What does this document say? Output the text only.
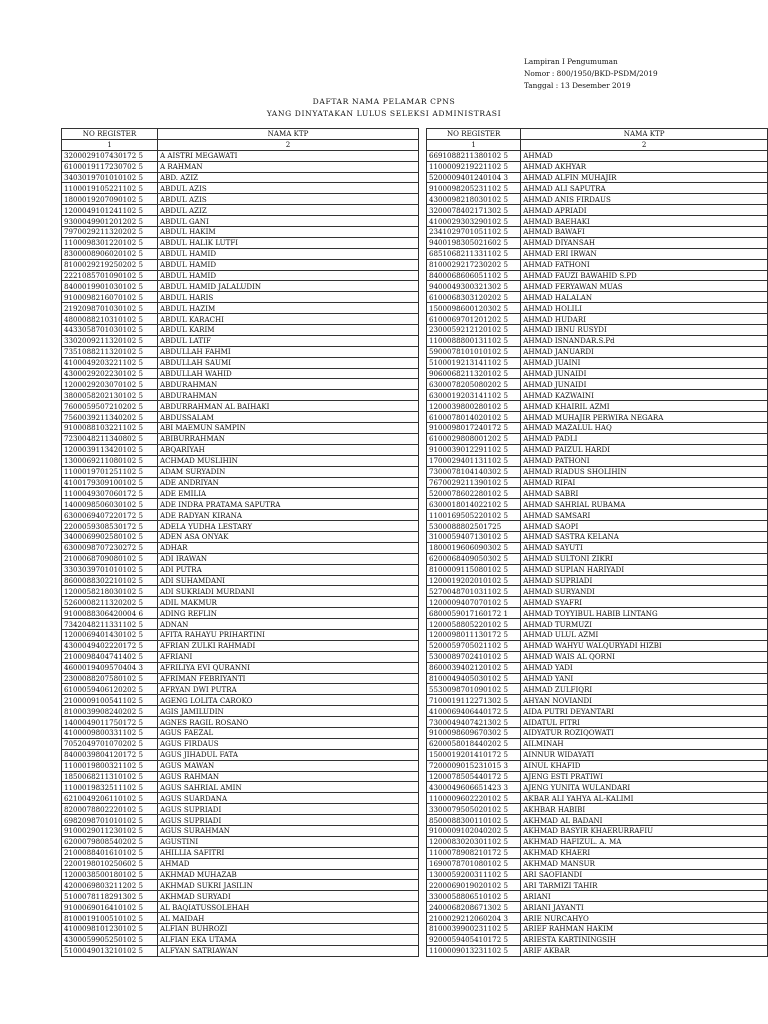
Lampiran I Pengumuman
Nomor : 800/1950/BKD-PSDM/2019
Tanggal : 13 Desember 2019
DAFTAR NAMA PELAMAR CPNS
YANG DINYATAKAN LULUS SELEKSI ADMINISTRASI
NO REGISTER	NAMA KTP
1	2
3200029107430172 5	A AISTRI MEGAWATI
6100019117230702 5	A RAHMAN
3403019701010102 5	ABD. AZIZ
1100019105221102 5	ABDUL AZIS
1800019207090102 5	ABDUL AZIS
1200049101241102 5	ABDUL AZIZ
9300049901201202 5	ABDUL GANI
7970029211320202 5	ABDUL HAKIM
1100098301220102 5	ABDUL HALIK LUTFI
8300008906020102 5	ABDUL HAMID
8100029219250202 5	ABDUL HAMID
2221085701090102 5	ABDUL HAMID
8400019901030102 5	ABDUL HAMID JALALUDIN
9100098216070102 5	ABDUL HARIS
2192098701030102 5	ABDUL HAZIM
4800088210310102 5	ABDUL KARACHI
4433058701030102 5	ABDUL KARIM
3302009211320102 5	ABDUL LATIF
7351088211320102 5	ABDULLAH FAHMI
4100049203221102 5	ABDULLAH SAUMI
4300029202230102 5	ABDULLAH WAHID
1200029203070102 5	ABDURAHMAN
3800058202130102 5	ABDURAHMAN
7600059507210202 5	ABDURRAHMAN AL BAIHAKI
7560039211340202 5	ABDUSSALAM
9100088103221102 5	ABI MAEMUN SAMPIN
7230048211340802 5	ABIBURRAHMAN
1200039113420102 5	ABQARIYAH
1300069211080102 5	ACHMAD MUSLIHIN
1100019701251102 5	ADAM SURYADIN
4100179309100102 5	ADE ANDRIYAN
1100049307060172 5	ADE EMILIA
1400098506030102 5	ADE INDRA PRATAMA SAPUTRA
6300069407220172 5	ADE RADYAN KIRANA
2200059308530172 5	ADELA YUDHA LESTARY
3400069902580102 5	ADEN ASA ONYAK
6300098707230272 5	ADHAR
2100068709080102 5	ADI IRAWAN
3303039701010102 5	ADI PUTRA
8600088302210102 5	ADI SUHAMDANI
1200058218030102 5	ADI SUKRIADI MURDANI
5260008211320202 5	ADIL MAKMUR
9100088306420004 6	ADING REFLIN
7342048211331102 5	ADNAN
1200069401430102 5	AFITA RAHAYU PRIHARTINI
4300049402220172 5	AFRIAN ZULKI RAHMADI
2100098404741402 5	AFRIANI
4600019409570404 3	AFRILIYA EVI QURANNI
2300088207580102 5	AFRIMAN FEBRIYANTI
6100059406120202 5	AFRYAN DWI PUTRA
2100009100541102 5	AGENG LOLITA CAROKO
8100039908240202 5	AGIS JAMILUDIN
1400049011750172 5	AGNES RAGIL ROSANO
4100009800331102 5	AGUS FAEZAL
7052049701070202 5	AGUS FIRDAUS
8400039804120172 5	AGUS JIHADUL FATA
1100019800321102 5	AGUS MAWAN
1850068211310102 5	AGUS RAHMAN
1100019832511102 5	AGUS SAHRIAL AMIN
6210049206110102 5	AGUS SUARDANA
8200078802220102 5	AGUS SUPRIADI
6982098701010102 5	AGUS SUPRIADI
9100029011230102 5	AGUS SURAHMAN
6200079808540202 5	AGUSTINI
2100088401610102 5	AHILLIA SAFITRI
2200198010250602 5	AHMAD
1200038500180102 5	AKHMAD MUHAZAB
4200069803211202 5	AKHMAD SUKRI JASILIN
5100078118291302 5	AKHMAD SURYADI
9100069016410102 5	AL BAQIATUSSOLEHAH
8100019100510102 5	AL MAIDAH
4100098101230102 5	ALFIAN BUHROZI
4300059905250102 5	ALFIAN EKA UTAMA
5100049013210102 5	ALFYAN SATRIAWAN
NO REGISTER	NAMA KTP
1	2
6691088211380102 5	AHMAD
1100009219221102 5	AHMAD AKHYAR
5200009401240104 3	AHMAD ALFIN MUHAJIR
9100098205231102 5	AHMAD ALI SAPUTRA
4300098218030102 5	AHMAD ANIS FIRDAUS
3200078402171302 5	AHMAD APRIADI
4100029303290102 5	AHMAD BAEHAKI
2341029701051102 5	AHMAD BAWAFI
9400198305021602 5	AHMAD DIYANSAH
6851068211331102 5	AHMAD ERI IRWAN
8100029217230202 5	AHMAD FATHONI
8400068606051102 5	AHMAD FAUZI BAWAHID S.PD
9400049300321302 5	AHMAD FERYAWAN MUAS
6100068303120202 5	AHMAD HALALAN
1500098600120302 5	AHMAD HOLILI
6100069701201202 5	AHMAD HUDARI
2300059212120102 5	AHMAD IBNU RUSYDI
1100088800131102 5	AHMAD ISNANDAR.S.Pd
5900078101010102 5	AHMAD JANUARDI
5100019213141102 5	AHMAD JUAINI
9060068211320102 5	AHMAD JUNAIDI
6300078205080202 5	AHMAD JUNAIDI
6300019203141102 5	AHMAD KAZWAINI
1200039800280102 5	AHMAD KHAIRIL AZMI
6100078014020102 5	AHMAD MUHAJIR PERWIRA NEGARA
9100098017240172 5	AHMAD MAZALUL HAQ
6100029808001202 5	AHMAD PADLI
9100039012291102 5	AHMAD PAIZUL HARDI
1700029401131102 5	AHMAD PATHONI
7300078104140302 5	AHMAD RIADUS SHOLIHIN
7670029211390102 5	AHMAD RIFAI
5200078602280102 5	AHMAD SABRI
6300018014022102 5	AHMAD SAHRIAL RUBAMA
1100169505220102 5	AHMAD SAMSARI
5300088802501725	AHMAD SAOPI
3100059407130102 5	AHMAD SASTRA KELANA
1800019606090302 5	AHMAD SAYUTI
6200068409050302 5	AHMAD SULTONI ZIKRI
8100009115080102 5	AHMAD SUPIAN HARIYADI
1200019202010102 5	AHMAD SUPRIADI
5270048701031102 5	AHMAD SURYANDI
1200009407070102 5	AHMAD SYAFRI
6800059017160172 1	AHMAD TOYYIBUL HABIB LINTANG
1200058805220102 5	AHMAD TURMUZI
1200098011130172 5	AHMAD ULUL AZMI
5200059705021102 5	AHMAD WAHYU WALQURYADI HIZBI
5300089702410102 5	AHMAD WAIS AL QORNI
8600039402120102 5	AHMAD YADI
8100049405030102 5	AHMAD YANI
5530098701090102 5	AHMAD ZULFIQRI
7100019112271302 5	AHYAN NOVIANDI
4100069406440172 5	AIDA PUTRI DEYANTARI
7300049407421302 5	AIDATUL FITRI
9100098609670302 5	AIDYATUR ROZIQOWATI
6200058018440202 5	AILMINAH
1500019201410172 5	AINNUR WIDAYATI
7200009015231015 3	AINUL KHAFID
1200078505440172 5	AJENG ESTI PRATIWI
4300049606651423 3	AJENG YUNITA WULANDARI
1100009602220102 5	AKBAR ALI YAHYA AL-KALIMI
3300079505020102 5	AKHBAR HABIBI
8500088300110102 5	AKHMAD AL BADANI
9100009102040202 5	AKHMAD BASYIR KHAERURRAFIU
1200083020301102 5	AKHMAD HAFIZUL. A. MA
1100078908210172 5	AKHMAD KHAERI
1690078701080102 5	AKHMAD MANSUR
1300059200311102 5	ARI SAOFIANDI
2200069019020102 5	ARI TARMIZI TAHIR
3300058806510102 5	ARIANI
2400068208671302 5	ARIANI JAYANTI
2100029212060204 3	ARIE NURCAHYO
8100039900231102 5	ARIEF RAHMAN HAKIM
9200059405410172 5	ARIESTA KARTININGSIH
1100009013231102 5	ARIF AKBAR
